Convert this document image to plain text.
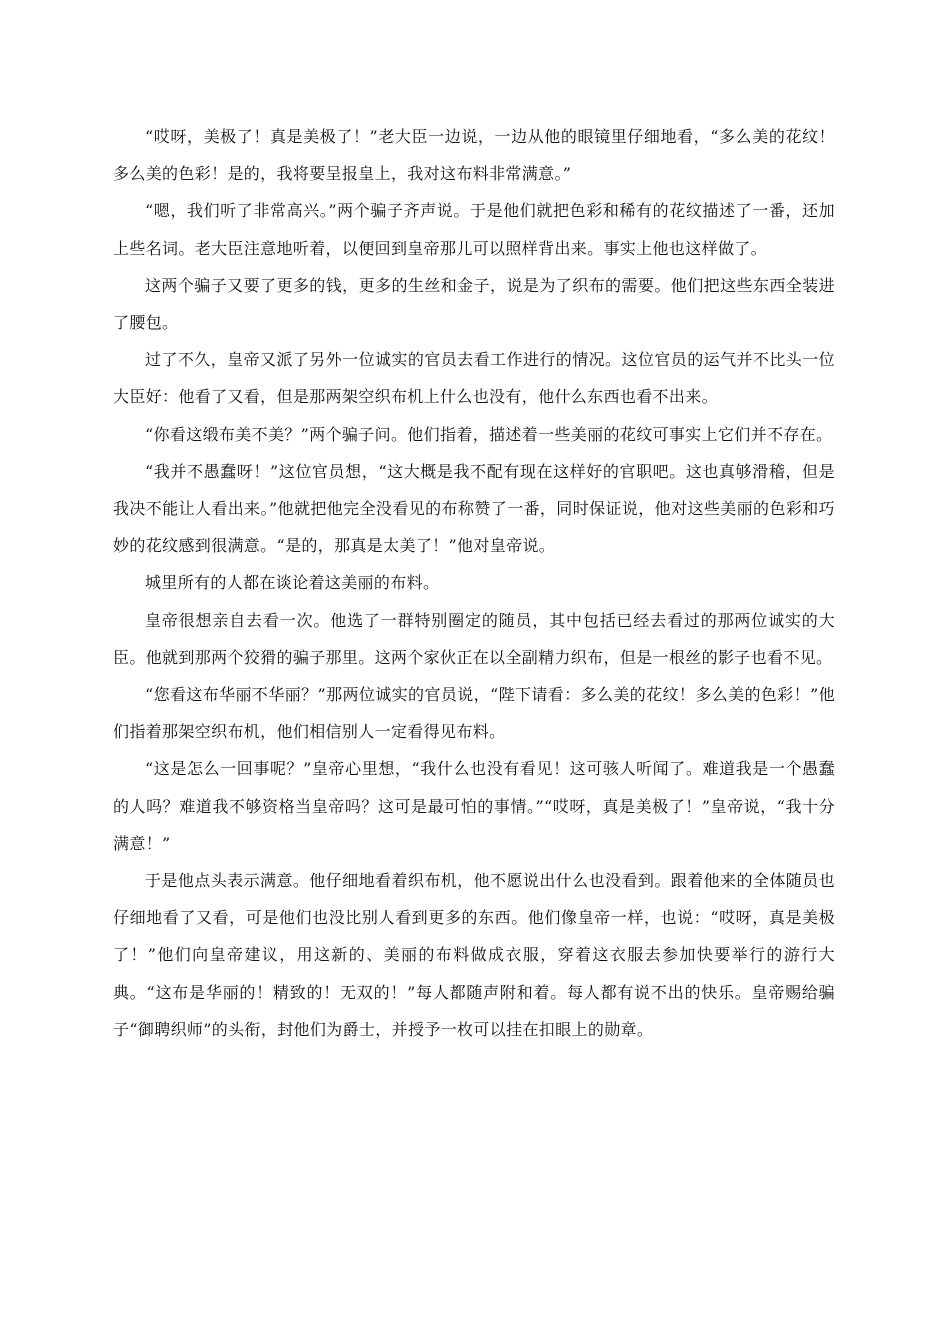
“哎呀，美极了！真是美极了！”老大臣一边说，一边从他的眼镜里仔细地看，“多么美的花纹！多么美的色彩！是的，我将要呈报皇上，我对这布料非常满意。”

“嗯，我们听了非常高兴。”两个骗子齐声说。于是他们就把色彩和稀有的花纹描述了一番，还加上些名词。老大臣注意地听着，以便回到皇帝那儿可以照样背出来。事实上他也这样做了。

这两个骗子又要了更多的钱，更多的生丝和金子，说是为了织布的需要。他们把这些东西全装进了腰包。

过了不久，皇帝又派了另外一位诚实的官员去看工作进行的情况。这位官员的运气并不比头一位大臣好：他看了又看，但是那两架空织布机上什么也没有，他什么东西也看不出来。

“你看这缎布美不美？”两个骗子问。他们指着，描述着一些美丽的花纹可事实上它们并不存在。

“我并不愚蠢呀！”这位官员想，“这大概是我不配有现在这样好的官职吧。这也真够滑稽，但是我决不能让人看出来。”他就把他完全没看见的布称赞了一番，同时保证说，他对这些美丽的色彩和巧妙的花纹感到很满意。“是的，那真是太美了！”他对皇帝说。

城里所有的人都在谈论着这美丽的布料。

皇帝很想亲自去看一次。他选了一群特别圈定的随员，其中包括已经去看过的那两位诚实的大臣。他就到那两个狡猾的骗子那里。这两个家伙正在以全副精力织布，但是一根丝的影子也看不见。

“您看这布华丽不华丽？”那两位诚实的官员说，“陛下请看：多么美的花纹！多么美的色彩！”他们指着那架空织布机，他们相信别人一定看得见布料。

“这是怎么一回事呢？”皇帝心里想，“我什么也没有看见！这可骇人听闻了。难道我是一个愚蠢的人吗？难道我不够资格当皇帝吗？这可是最可怕的事情。”“哎呀，真是美极了！”皇帝说，“我十分满意！”

于是他点头表示满意。他仔细地看着织布机，他不愿说出什么也没看到。跟着他来的全体随员也仔细地看了又看，可是他们也没比别人看到更多的东西。他们像皇帝一样，也说：“哎呀，真是美极了！”他们向皇帝建议，用这新的、美丽的布料做成衣服，穿着这衣服去参加快要举行的游行大典。“这布是华丽的！精致的！无双的！”每人都随声附和着。每人都有说不出的快乐。皇帝赐给骗子“御聘织师”的头衔，封他们为爵士，并授予一枚可以挂在扣眼上的勋章。
